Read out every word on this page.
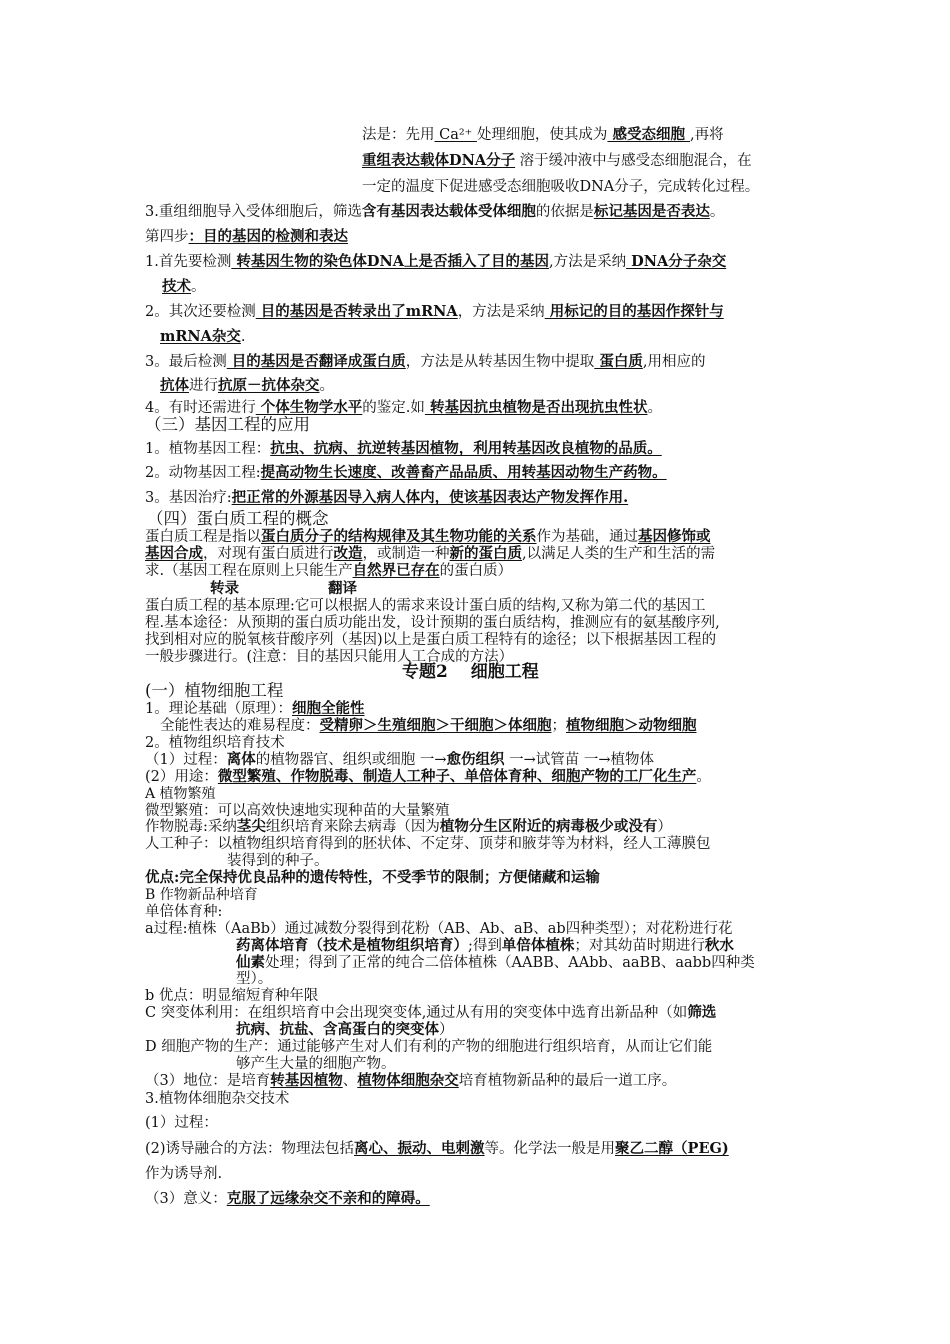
法是：先用 Ca²⁺ 处理细胞，使其成为 感受态细胞 ,再将
重组表达载体DNA分子 溶于缓冲液中与感受态细胞混合，在
一定的温度下促进感受态细胞吸收DNA分子，完成转化过程。
3.重组细胞导入受体细胞后，筛选含有基因表达载体受体细胞的依据是标记基因是否表达。
第四步：目的基因的检测和表达
1.首先要检测 转基因生物的染色体DNA上是否插入了目的基因,方法是采纳 DNA分子杂交
技术。
2。其次还要检测 目的基因是否转录出了mRNA，方法是采纳 用标记的目的基因作探针与
mRNA杂交.
3。最后检测 目的基因是否翻译成蛋白质，方法是从转基因生物中提取 蛋白质,用相应的
抗体进行抗原－抗体杂交。
4。有时还需进行 个体生物学水平的鉴定.如 转基因抗虫植物是否出现抗虫性状。
（三）基因工程的应用
1。植物基因工程：抗虫、抗病、抗逆转基因植物，利用转基因改良植物的品质。
2。动物基因工程:提高动物生长速度、改善畜产品品质、用转基因动物生产药物。
3。基因治疗:把正常的外源基因导入病人体内，使该基因表达产物发挥作用.
（四）蛋白质工程的概念
蛋白质工程是指以蛋白质分子的结构规律及其生物功能的关系作为基础，通过基因修饰或
基因合成，对现有蛋白质进行改造，或制造一种新的蛋白质,以满足人类的生产和生活的需
求.（基因工程在原则上只能生产自然界已存在的蛋白质）
转录	翻译
蛋白质工程的基本原理:它可以根据人的需求来设计蛋白质的结构,又称为第二代的基因工
程.基本途径：从预期的蛋白质功能出发，设计预期的蛋白质结构，推测应有的氨基酸序列,
找到相对应的脱氧核苷酸序列（基因)以上是蛋白质工程特有的途径；以下根据基因工程的
一般步骤进行。(注意：目的基因只能用人工合成的方法）
专题2　 细胞工程
(一）植物细胞工程
1。理论基础（原理）：细胞全能性
全能性表达的难易程度：受精卵＞生殖细胞＞干细胞＞体细胞；植物细胞＞动物细胞
2。植物组织培育技术
（1）过程：离体的植物器官、组织或细胞 一→愈伤组织 一→试管苗 一→植物体
(2）用途：微型繁殖、作物脱毒、制造人工种子、单倍体育种、细胞产物的工厂化生产。
A 植物繁殖
微型繁殖：可以高效快速地实现种苗的大量繁殖
作物脱毒:采纳茎尖组织培育来除去病毒（因为植物分生区附近的病毒极少或没有）
人工种子：以植物组织培育得到的胚状体、不定芽、顶芽和腋芽等为材料，经人工薄膜包
装得到的种子。
优点:完全保持优良品种的遗传特性，不受季节的限制；方便储藏和运输
B 作物新品种培育
单倍体育种:
a过程:植株（AaBb）通过减数分裂得到花粉（AB、Ab、aB、ab四种类型）；对花粉进行花
药离体培育（技术是植物组织培育）;得到单倍体植株；对其幼苗时期进行秋水
仙素处理；得到了正常的纯合二倍体植株（AABB、AAbb、aaBB、aabb四种类
型）。
b 优点：明显缩短育种年限
C 突变体利用：在组织培育中会出现突变体,通过从有用的突变体中选育出新品种（如筛选
抗病、抗盐、含高蛋白的突变体）
D 细胞产物的生产：通过能够产生对人们有利的产物的细胞进行组织培育，从而让它们能
够产生大量的细胞产物。
（3）地位：是培育转基因植物、植物体细胞杂交培育植物新品种的最后一道工序。
3.植物体细胞杂交技术
(1）过程：
(2)诱导融合的方法：物理法包括离心、振动、电刺激等。化学法一般是用聚乙二醇（PEG)
作为诱导剂.
（3）意义：克服了远缘杂交不亲和的障碍。
